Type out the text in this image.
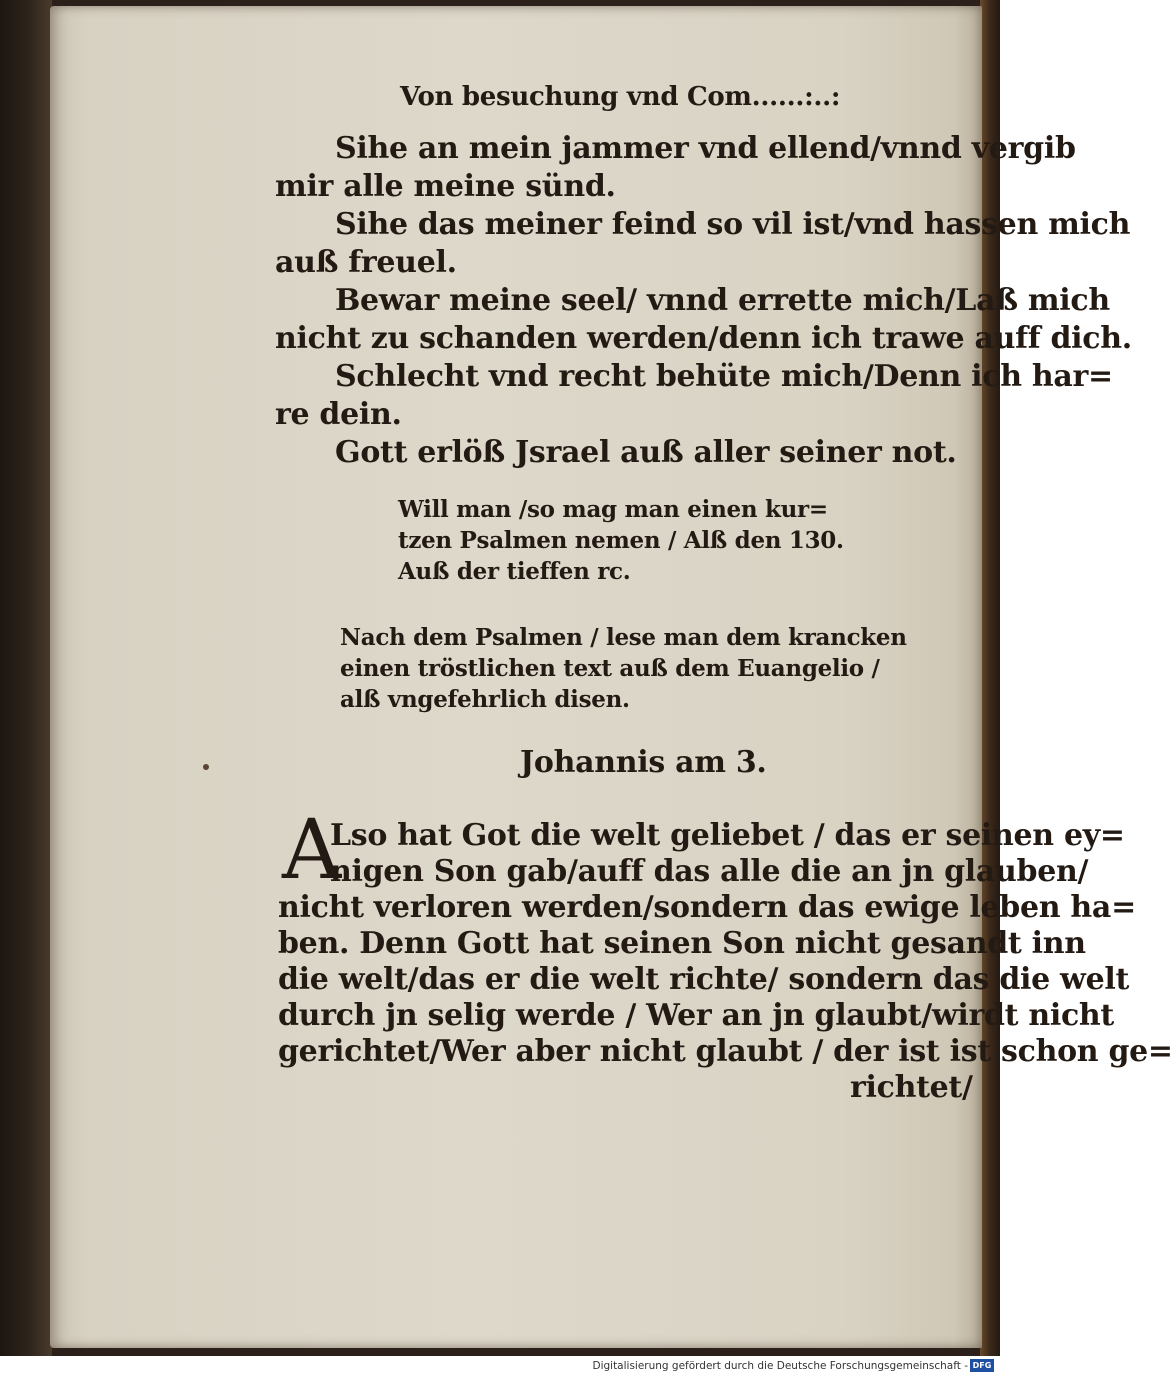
Von besuchung vnd Com......:..:
Sihe an mein jammer vnd ellend/vnnd vergib
mir alle meine sünd.
Sihe das meiner feind so vil ist/vnd hassen mich
auß freuel.
Bewar meine seel/ vnnd errette mich/Laß mich
nicht zu schanden werden/denn ich trawe auff dich.
Schlecht vnd recht behüte mich/Denn ich har=
re dein.
Gott erlöß Jsrael auß aller seiner not.
Will man /so mag man einen kur=
tzen Psalmen nemen / Alß den 130.
Auß der tieffen rc.
Nach dem Psalmen / lese man dem krancken
einen tröstlichen text auß dem Euangelio /
alß vngefehrlich disen.
Johannis am 3.
A
Lso hat Got die welt geliebet / das er seinen ey=
nigen Son gab/auff das alle die an jn glauben/
nicht verloren werden/sondern das ewige leben ha=
ben. Denn Gott hat seinen Son nicht gesandt inn
die welt/das er die welt richte/ sondern das die welt
durch jn selig werde / Wer an jn glaubt/wirdt nicht
gerichtet/Wer aber nicht glaubt / der ist ist schon ge=
richtet/
Digitalisierung gefördert durch die Deutsche Forschungsgemeinschaft - DFG
